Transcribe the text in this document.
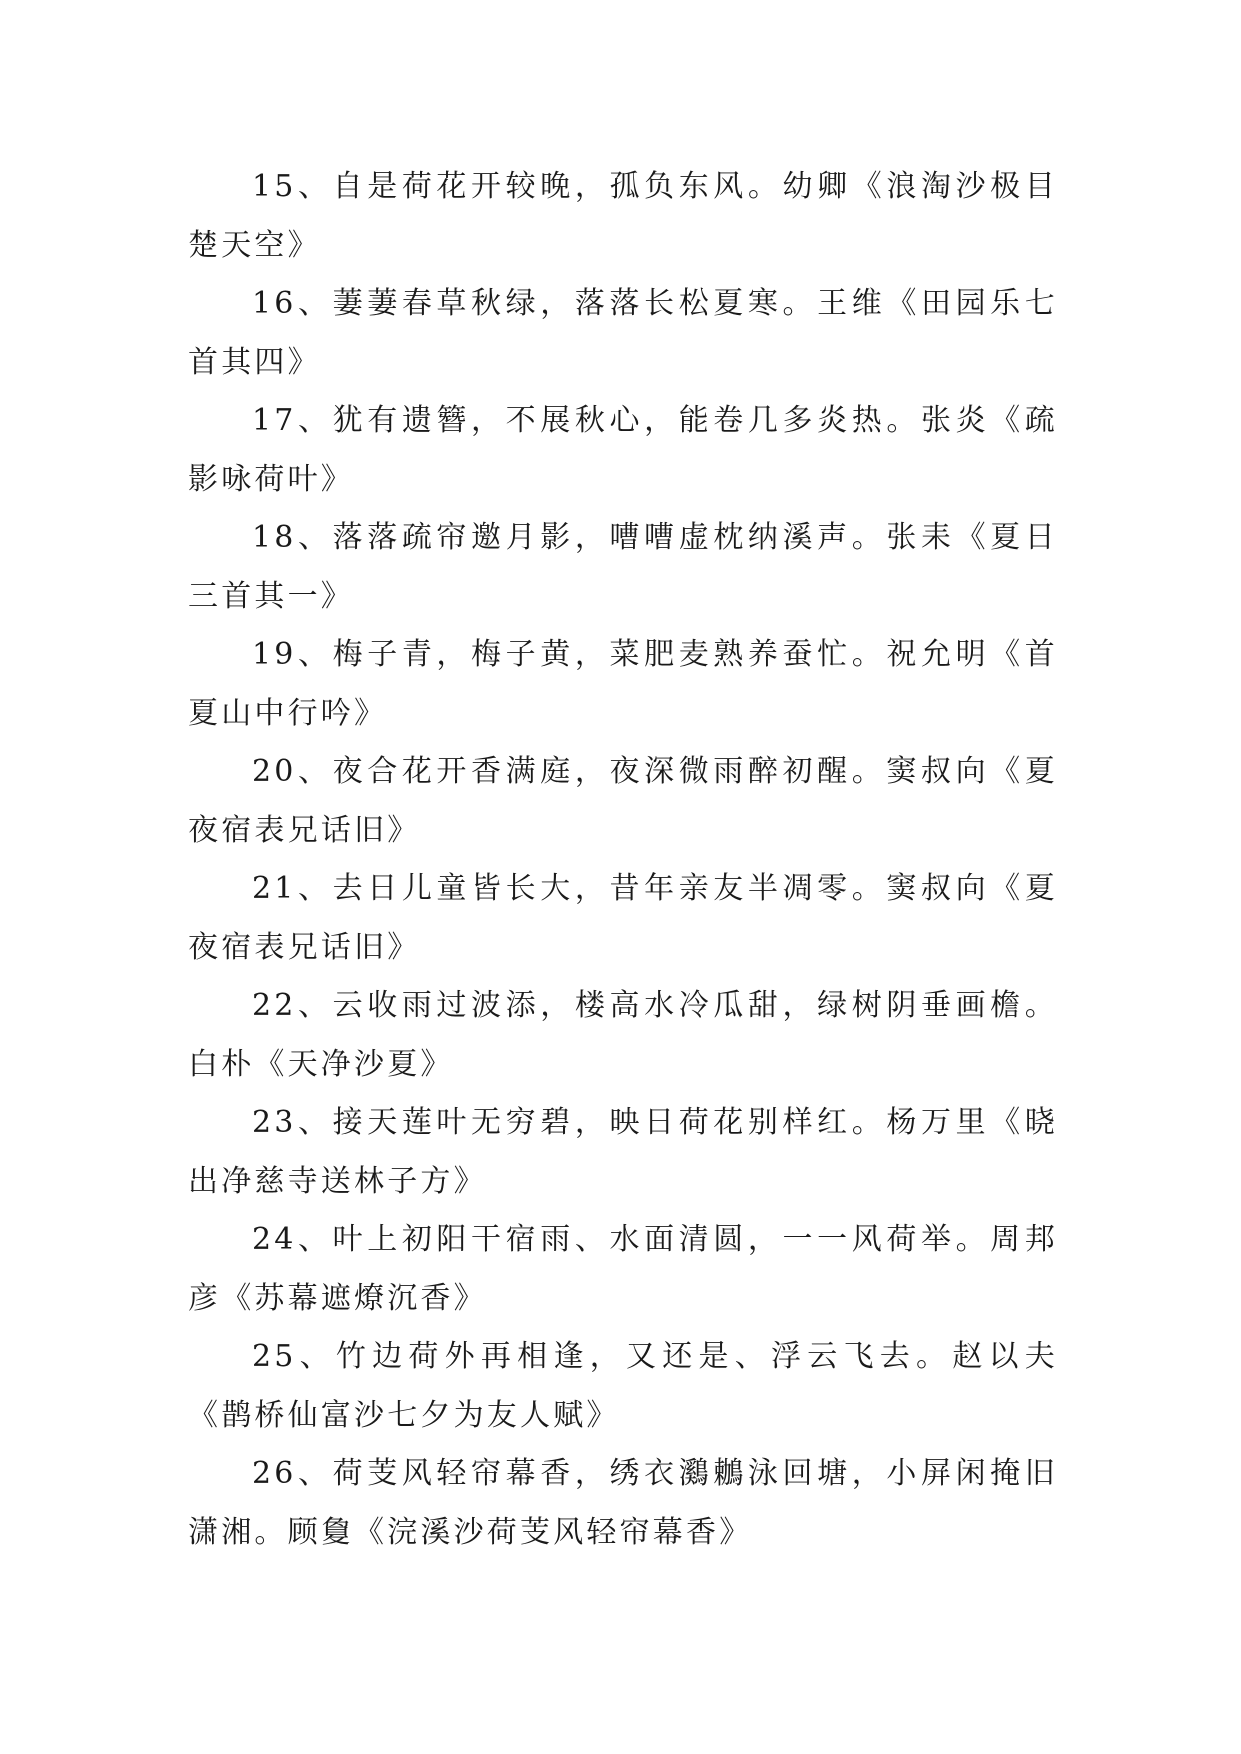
15、自是荷花开较晚，孤负东风。幼卿《浪淘沙极目楚天空》

16、萋萋春草秋绿，落落长松夏寒。王维《田园乐七首其四》

17、犹有遗簪，不展秋心，能卷几多炎热。张炎《疏影咏荷叶》

18、落落疏帘邀月影，嘈嘈虚枕纳溪声。张耒《夏日三首其一》

19、梅子青，梅子黄，菜肥麦熟养蚕忙。祝允明《首夏山中行吟》

20、夜合花开香满庭，夜深微雨醉初醒。窦叔向《夏夜宿表兄话旧》

21、去日儿童皆长大，昔年亲友半凋零。窦叔向《夏夜宿表兄话旧》

22、云收雨过波添，楼高水冷瓜甜，绿树阴垂画檐。白朴《天净沙夏》

23、接天莲叶无穷碧，映日荷花别样红。杨万里《晓出净慈寺送林子方》

24、叶上初阳干宿雨、水面清圆，一一风荷举。周邦彦《苏幕遮燎沉香》

25、竹边荷外再相逢，又还是、浮云飞去。赵以夫《鹊桥仙富沙七夕为友人赋》

26、荷芰风轻帘幕香，绣衣鸂鶒泳回塘，小屏闲掩旧潇湘。顾敻《浣溪沙荷芰风轻帘幕香》
